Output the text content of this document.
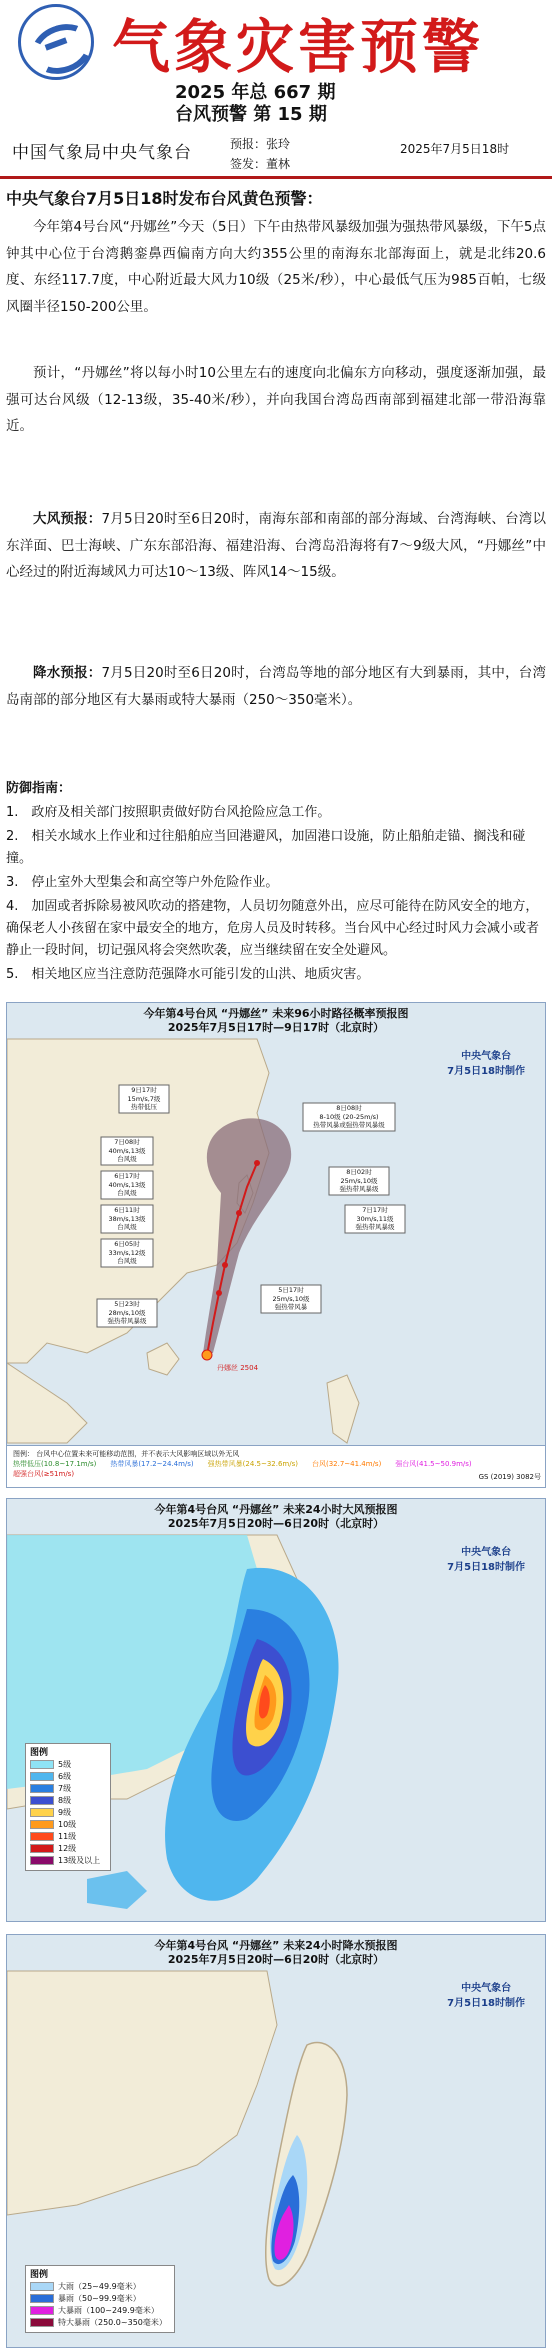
气象灾害预警
2025 年总 667 期
台风预警 第 15 期
中国气象局中央气象台	预报：张玲
签发：董林
2025年7月5日18时
中央气象台7月5日18时发布台风黄色预警：
今年第4号台风“丹娜丝”今天（5日）下午由热带风暴级加强为强热带风暴级，下午5点钟其中心位于台湾鹅銮鼻西偏南方向大约355公里的南海东北部海面上，就是北纬20.6度、东经117.7度，中心附近最大风力10级（25米/秒），中心最低气压为985百帕，七级风圈半径150-200公里。
预计，“丹娜丝”将以每小时10公里左右的速度向北偏东方向移动，强度逐渐加强，最强可达台风级（12-13级，35-40米/秒），并向我国台湾岛西南部到福建北部一带沿海靠近。
大风预报：7月5日20时至6日20时，南海东部和南部的部分海域、台湾海峡、台湾以东洋面、巴士海峡、广东东部沿海、福建沿海、台湾岛沿海将有7～9级大风，“丹娜丝”中心经过的附近海域风力可达10～13级、阵风14～15级。
降水预报：7月5日20时至6日20时，台湾岛等地的部分地区有大到暴雨，其中，台湾岛南部的部分地区有大暴雨或特大暴雨（250～350毫米）。
防御指南：
1.　政府及相关部门按照职责做好防台风抢险应急工作。
2.　相关水域水上作业和过往船舶应当回港避风，加固港口设施，防止船舶走锚、搁浅和碰撞。
3.　停止室外大型集会和高空等户外危险作业。
4.　加固或者拆除易被风吹动的搭建物，人员切勿随意外出，应尽可能待在防风安全的地方，确保老人小孩留在家中最安全的地方，危房人员及时转移。当台风中心经过时风力会减小或者静止一段时间，切记强风将会突然吹袭，应当继续留在安全处避风。
5.　相关地区应当注意防范强降水可能引发的山洪、地质灾害。
今年第4号台风 “丹娜丝” 未来96小时路径概率预报图
2025年7月5日17时—9日17时（北京时）
中央气象台
7月5日18时制作
9日17时
15m/s,7级
热带低压
7日08时
40m/s,13级
台风级
6日17时
40m/s,13级
台风级
6日11时
38m/s,13级
台风级
6日05时
33m/s,12级
台风级
5日23时
28m/s,10级
强热带风暴级
8日08时
8-10级 (20-25m/s)
热带风暴或强热带风暴级
8日02时
25m/s,10级
强热带风暴级
7日17时
30m/s,11级
强热带风暴级
5日17时
25m/s,10级
强热带风暴
丹娜丝 2504
图例： 台风中心位置未来可能移动范围，并不表示大风影响区域以外无风
热带低压(10.8~17.1m/s) 热带风暴(17.2~24.4m/s) 强热带风暴(24.5~32.6m/s) 台风(32.7~41.4m/s) 强台风(41.5~50.9m/s)
超强台风(≥51m/s)	GS (2019) 3082号
今年第4号台风 “丹娜丝” 未来24小时大风预报图
2025年7月5日20时—6日20时（北京时）
中央气象台
7月5日18时制作
图例
5级
6级
7级
8级
9级
10级
11级
12级
13级及以上
今年第4号台风 “丹娜丝” 未来24小时降水预报图
2025年7月5日20时—6日20时（北京时）
中央气象台
7月5日18时制作
图例
大雨（25~49.9毫米）
暴雨（50~99.9毫米）
大暴雨（100~249.9毫米）
特大暴雨（250.0~350毫米）
